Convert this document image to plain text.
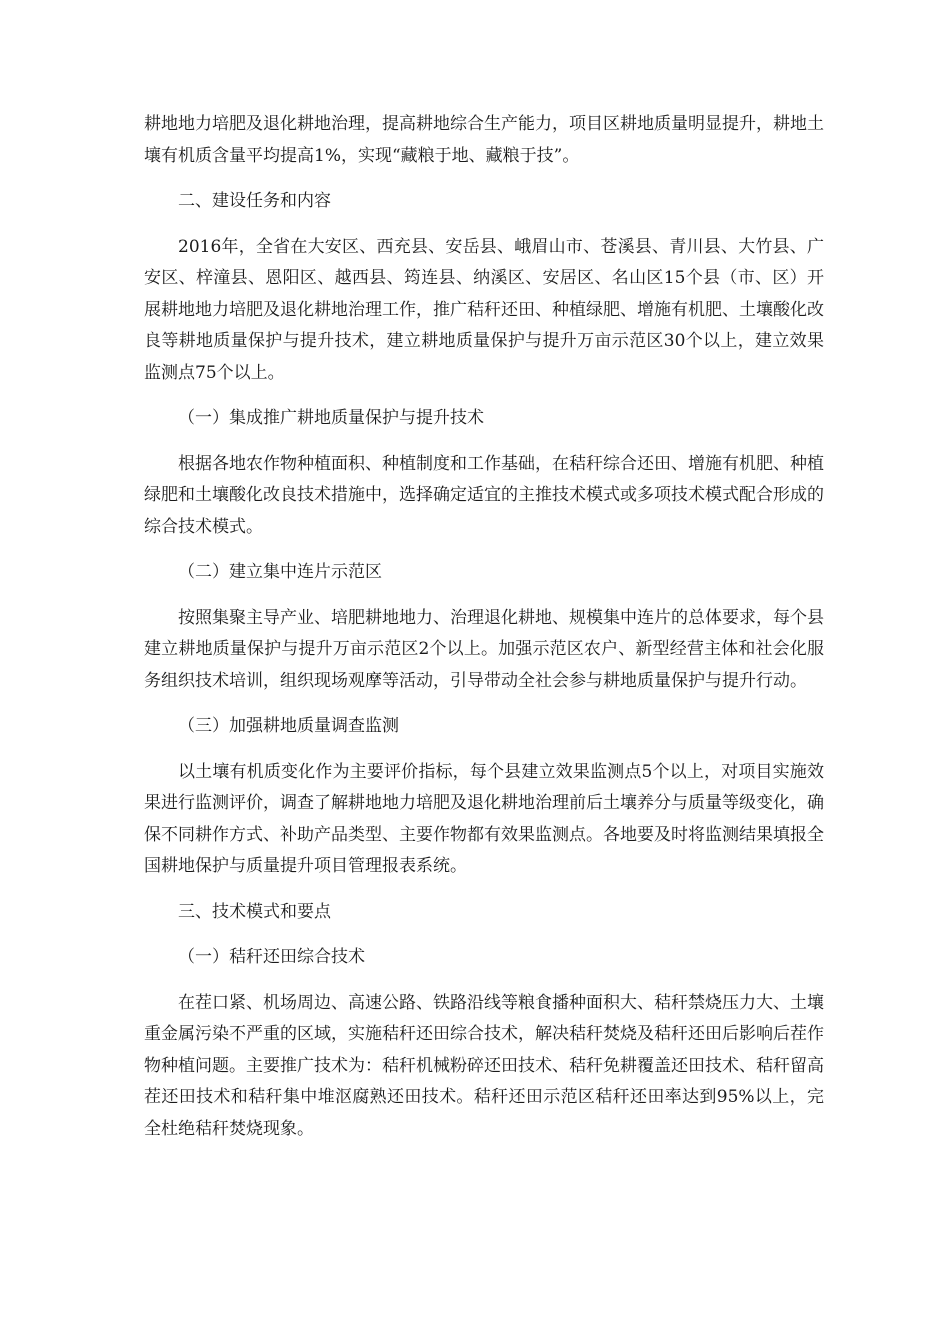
耕地地力培肥及退化耕地治理，提高耕地综合生产能力，项目区耕地质量明显提升，耕地土壤有机质含量平均提高1%，实现“藏粮于地、藏粮于技”。

二、建设任务和内容

2016年，全省在大安区、西充县、安岳县、峨眉山市、苍溪县、青川县、大竹县、广安区、梓潼县、恩阳区、越西县、筠连县、纳溪区、安居区、名山区15个县（市、区）开展耕地地力培肥及退化耕地治理工作，推广秸秆还田、种植绿肥、增施有机肥、土壤酸化改良等耕地质量保护与提升技术，建立耕地质量保护与提升万亩示范区30个以上，建立效果监测点75个以上。

（一）集成推广耕地质量保护与提升技术

根据各地农作物种植面积、种植制度和工作基础，在秸秆综合还田、增施有机肥、种植绿肥和土壤酸化改良技术措施中，选择确定适宜的主推技术模式或多项技术模式配合形成的综合技术模式。

（二）建立集中连片示范区

按照集聚主导产业、培肥耕地地力、治理退化耕地、规模集中连片的总体要求，每个县建立耕地质量保护与提升万亩示范区2个以上。加强示范区农户、新型经营主体和社会化服务组织技术培训，组织现场观摩等活动，引导带动全社会参与耕地质量保护与提升行动。

（三）加强耕地质量调查监测

以土壤有机质变化作为主要评价指标，每个县建立效果监测点5个以上，对项目实施效果进行监测评价，调查了解耕地地力培肥及退化耕地治理前后土壤养分与质量等级变化，确保不同耕作方式、补助产品类型、主要作物都有效果监测点。各地要及时将监测结果填报全国耕地保护与质量提升项目管理报表系统。

三、技术模式和要点

（一）秸秆还田综合技术

在茬口紧、机场周边、高速公路、铁路沿线等粮食播种面积大、秸秆禁烧压力大、土壤重金属污染不严重的区域，实施秸秆还田综合技术，解决秸秆焚烧及秸秆还田后影响后茬作物种植问题。主要推广技术为：秸秆机械粉碎还田技术、秸秆免耕覆盖还田技术、秸秆留高茬还田技术和秸秆集中堆沤腐熟还田技术。秸秆还田示范区秸秆还田率达到95%以上，完全杜绝秸秆焚烧现象。
